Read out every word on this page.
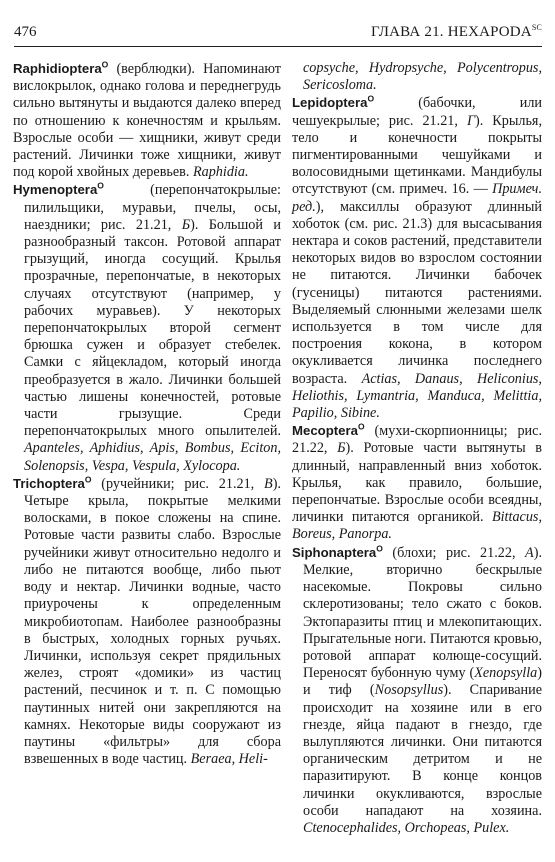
476	ГЛАВА 21. $HEXAPODA^{SC}$

Raphidioptera$^O$ (верблюдки). Напоминают вислокрылок, однако голова и переднегрудь сильно вытянуты и выдаются далеко вперед по отношению к конечностям и крыльям. Взрослые особи — хищники, живут среди растений. Личинки тоже хищники, живут под корой хвойных деревьев. Raphidia.

Hymenoptera$^O$ (перепончатокрылые: пилильщики, муравьи, пчелы, осы, наездники; рис. 21.21, Б). Большой и разнообразный таксон. Ротовой аппарат грызущий, иногда сосущий. Крылья прозрачные, перепончатые, в некоторых случаях отсутствуют (например, у рабочих муравьев). У некоторых перепончатокрылых второй сегмент брюшка сужен и образует стебелек. Самки с яйцекладом, который иногда преобразуется в жало. Личинки большей частью лишены конечностей, ротовые части грызущие. Среди перепончатокрылых много опылителей. Apanteles, Aphidius, Apis, Bombus, Eciton, Solenopsis, Vespa, Vespula, Xylocopa.

Trichoptera$^O$ (ручейники; рис. 21.21, В). Четыре крыла, покрытые мелкими волосками, в покое сложены на спине. Ротовые части развиты слабо. Взрослые ручейники живут относительно недолго и либо не питаются вообще, либо пьют воду и нектар. Личинки водные, часто приурочены к определенным микробиотопам. Наиболее разнообразны в быстрых, холодных горных ручьях. Личинки, используя секрет прядильных желез, строят «домики» из частиц растений, песчинок и т. п. С помощью паутинных нитей они закрепляются на камнях. Некоторые виды сооружают из паутины «фильтры» для сбора взвешенных в воде частиц. Beraea, Heli-

copsyche, Hydropsyche, Polycentropus, Sericosloma.

Lepidoptera$^O$ (бабочки, или чешуекрылые; рис. 21.21, Г). Крылья, тело и конечности покрыты пигментированными чешуйками и волосовидными щетинками. Мандибулы отсутствуют (см. примеч. 16. — Примеч. ред.), максиллы образуют длинный хоботок (см. рис. 21.3) для высасывания нектара и соков растений, представители некоторых видов во взрослом состоянии не питаются. Личинки бабочек (гусеницы) питаются растениями. Выделяемый слюнными железами шелк используется в том числе для построения кокона, в котором окукливается личинка последнего возраста. Actias, Danaus, Heliconius, Heliothis, Lymantria, Manduca, Melittia, Papilio, Sibine.

Mecoptera$^O$ (мухи-скорпионницы; рис. 21.22, Б). Ротовые части вытянуты в длинный, направленный вниз хоботок. Крылья, как правило, большие, перепончатые. Взрослые особи всеядны, личинки питаются органикой. Bittacus, Boreus, Panorpa.

Siphonaptera$^O$ (блохи; рис. 21.22, А). Мелкие, вторично бескрылые насекомые. Покровы сильно склеротизованы; тело сжато с боков. Эктопаразиты птиц и млекопитающих. Прыгательные ноги. Питаются кровью, ротовой аппарат колюще-сосущий. Переносят бубонную чуму (Xenopsylla) и тиф (Nosopsyllus). Спаривание происходит на хозяине или в его гнезде, яйца падают в гнездо, где вылупляются личинки. Они питаются органическим детритом и не паразитируют. В конце концов личинки окукливаются, взрослые особи нападают на хозяина. Ctenocephalides, Orchopeas, Pulex.
